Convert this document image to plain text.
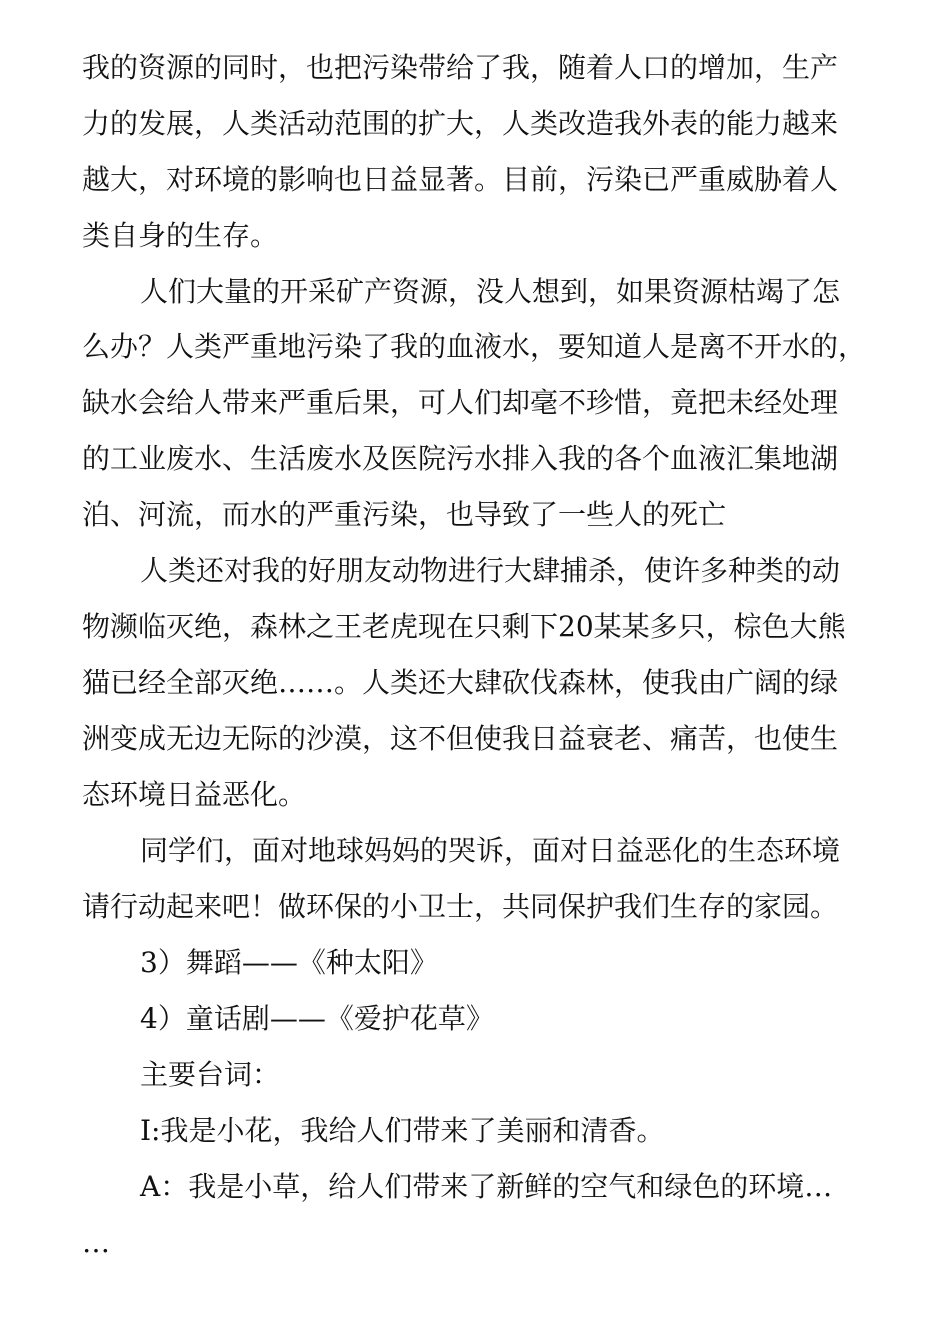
我的资源的同时，也把污染带给了我，随着人口的增加，生产
力的发展，人类活动范围的扩大，人类改造我外表的能力越来
越大，对环境的影响也日益显著。目前，污染已严重威胁着人
类自身的生存。
人们大量的开采矿产资源，没人想到，如果资源枯竭了怎
么办？人类严重地污染了我的血液水，要知道人是离不开水的，
缺水会给人带来严重后果，可人们却毫不珍惜，竟把未经处理
的工业废水、生活废水及医院污水排入我的各个血液汇集地湖
泊、河流，而水的严重污染，也导致了一些人的死亡
人类还对我的好朋友动物进行大肆捕杀，使许多种类的动
物濒临灭绝，森林之王老虎现在只剩下20某某多只，棕色大熊
猫已经全部灭绝……。人类还大肆砍伐森林，使我由广阔的绿
洲变成无边无际的沙漠，这不但使我日益衰老、痛苦，也使生
态环境日益恶化。
同学们，面对地球妈妈的哭诉，面对日益恶化的生态环境
请行动起来吧！做环保的小卫士，共同保护我们生存的家园。
3）舞蹈——《种太阳》
4）童话剧——《爱护花草》
主要台词：
I:我是小花，我给人们带来了美丽和清香。
A：我是小草，给人们带来了新鲜的空气和绿色的环境…
…
